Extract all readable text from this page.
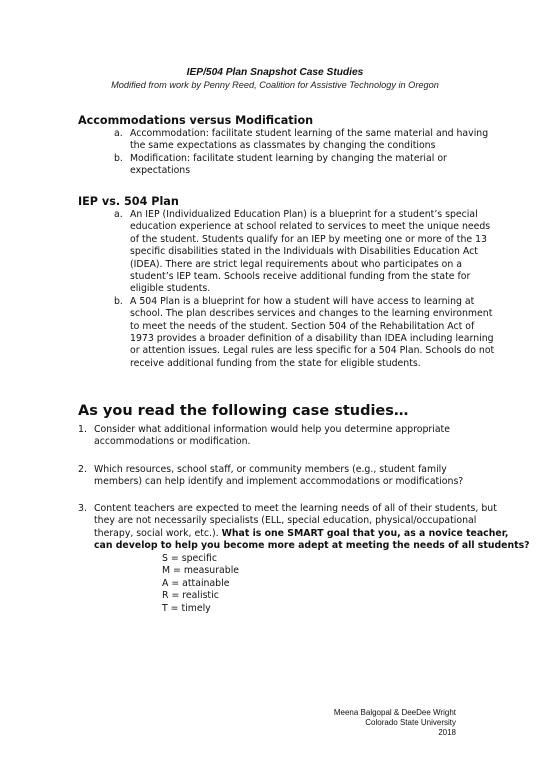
IEP/504 Plan Snapshot Case Studies
Modified from work by Penny Reed, Coalition for Assistive Technology in Oregon
Accommodations versus Modification
a. Accommodation: facilitate student learning of the same material and having
the same expectations as classmates by changing the conditions
b. Modification: facilitate student learning by changing the material or
expectations
IEP vs. 504 Plan
a. An IEP (Individualized Education Plan) is a blueprint for a student’s special
education experience at school related to services to meet the unique needs
of the student. Students qualify for an IEP by meeting one or more of the 13
specific disabilities stated in the Individuals with Disabilities Education Act
(IDEA). There are strict legal requirements about who participates on a
student’s IEP team. Schools receive additional funding from the state for
eligible students.
b. A 504 Plan is a blueprint for how a student will have access to learning at
school. The plan describes services and changes to the learning environment
to meet the needs of the student. Section 504 of the Rehabilitation Act of
1973 provides a broader definition of a disability than IDEA including learning
or attention issues. Legal rules are less specific for a 504 Plan. Schools do not
receive additional funding from the state for eligible students.
As you read the following case studies…
1. Consider what additional information would help you determine appropriate
accommodations or modification.
2. Which resources, school staff, or community members (e.g., student family
members) can help identify and implement accommodations or modifications?
3. Content teachers are expected to meet the learning needs of all of their students, but
they are not necessarily specialists (ELL, special education, physical/occupational
therapy, social work, etc.). What is one SMART goal that you, as a novice teacher,
can develop to help you become more adept at meeting the needs of all students?
S = specific
M = measurable
A = attainable
R = realistic
T = timely
Meena Balgopal & DeeDee Wright
Colorado State University
2018
